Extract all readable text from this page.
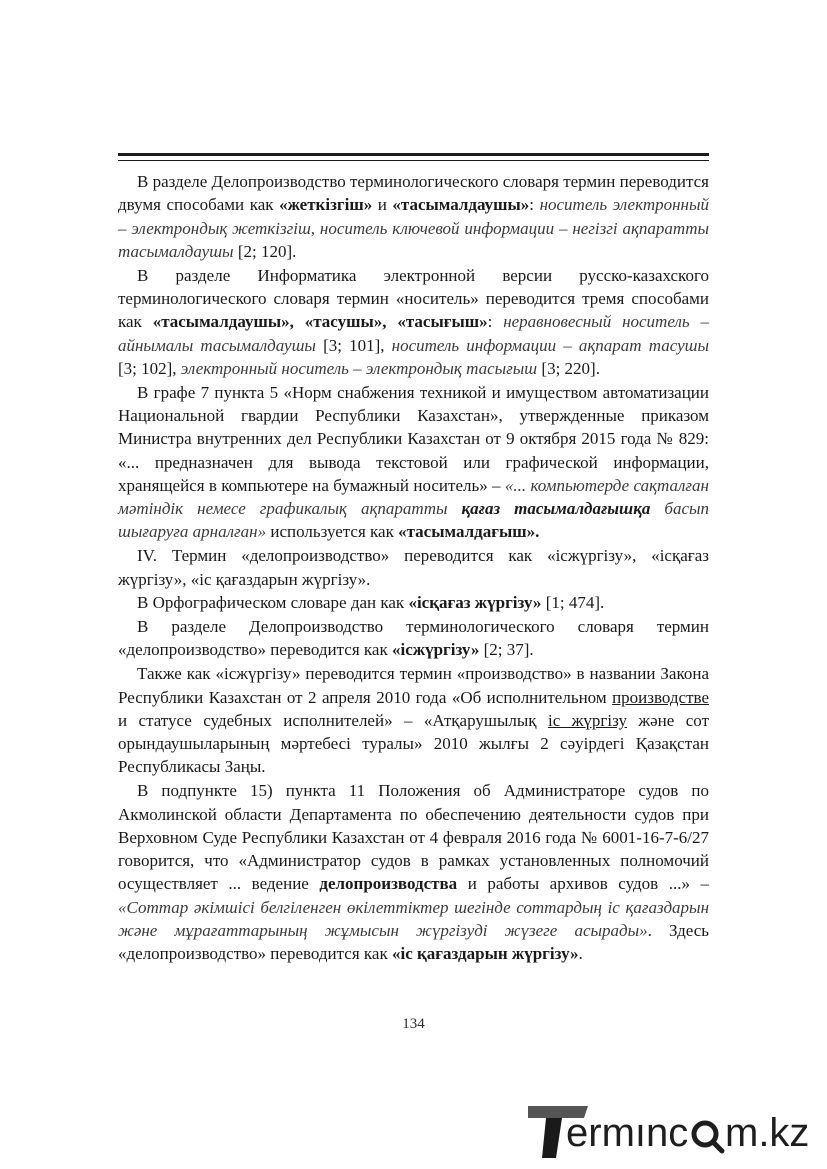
В разделе Делопроизводство терминологического словаря термин переводится двумя способами как «жеткізгіш» и «тасымалдаушы»: носитель электронный – электрондық жеткізгіш, носитель ключевой информации – негізгі ақпаратты тасымалдаушы [2; 120].

В разделе Информатика электронной версии русско-казахского терминологического словаря термин «носитель» переводится тремя способами как «тасымалдаушы», «тасушы», «тасығыш»: неравновесный носитель – айнымалы тасымалдаушы [3; 101], носитель информации – ақпарат тасушы [3; 102], электронный носитель – электрондық тасығыш [3; 220].

В графе 7 пункта 5 «Норм снабжения техникой и имуществом автоматизации Национальной гвардии Республики Казахстан», утвержденные приказом Министра внутренних дел Республики Казахстан от 9 октября 2015 года № 829: «... предназначен для вывода текстовой или графической информации, хранящейся в компьютере на бумажный носитель» – «... компьютерде сақталған мәтіндік немесе графикалық ақпаратты қағаз тасымалдағышқа басып шығаруға арналған» используется как «тасымалдағыш».

IV. Термин «делопроизводство» переводится как «ісжүргізу», «ісқағаз жүргізу», «іс қағаздарын жүргізу».

В Орфографическом словаре дан как «ісқағаз жүргізу» [1; 474].

В разделе Делопроизводство терминологического словаря термин «делопроизводство» переводится как «ісжүргізу» [2; 37].

Также как «ісжүргізу» переводится термин «производство» в названии Закона Республики Казахстан от 2 апреля 2010 года «Об исполнительном производстве и статусе судебных исполнителей» – «Атқарушылық іс жүргізу және сот орындаушыларының мәртебесі туралы» 2010 жылғы 2 сәуірдегі Қазақстан Республикасы Заңы.

В подпункте 15) пункта 11 Положения об Администраторе судов по Акмолинской области Департамента по обеспечению деятельности судов при Верховном Суде Республики Казахстан от 4 февраля 2016 года № 6001-16-7-6/27 говорится, что «Администратор судов в рамках установленных полномочий осуществляет ... ведение делопроизводства и работы архивов судов ...» – «Соттар әкімшісі белгіленген өкілеттіктер шегінде соттардың іс қағаздарын және мұрағаттарының жұмысын жүргізуді жүзеге асырады». Здесь «делопроизводство» переводится как «іс қағаздарын жүргізу».

134
ermınc m.kz
